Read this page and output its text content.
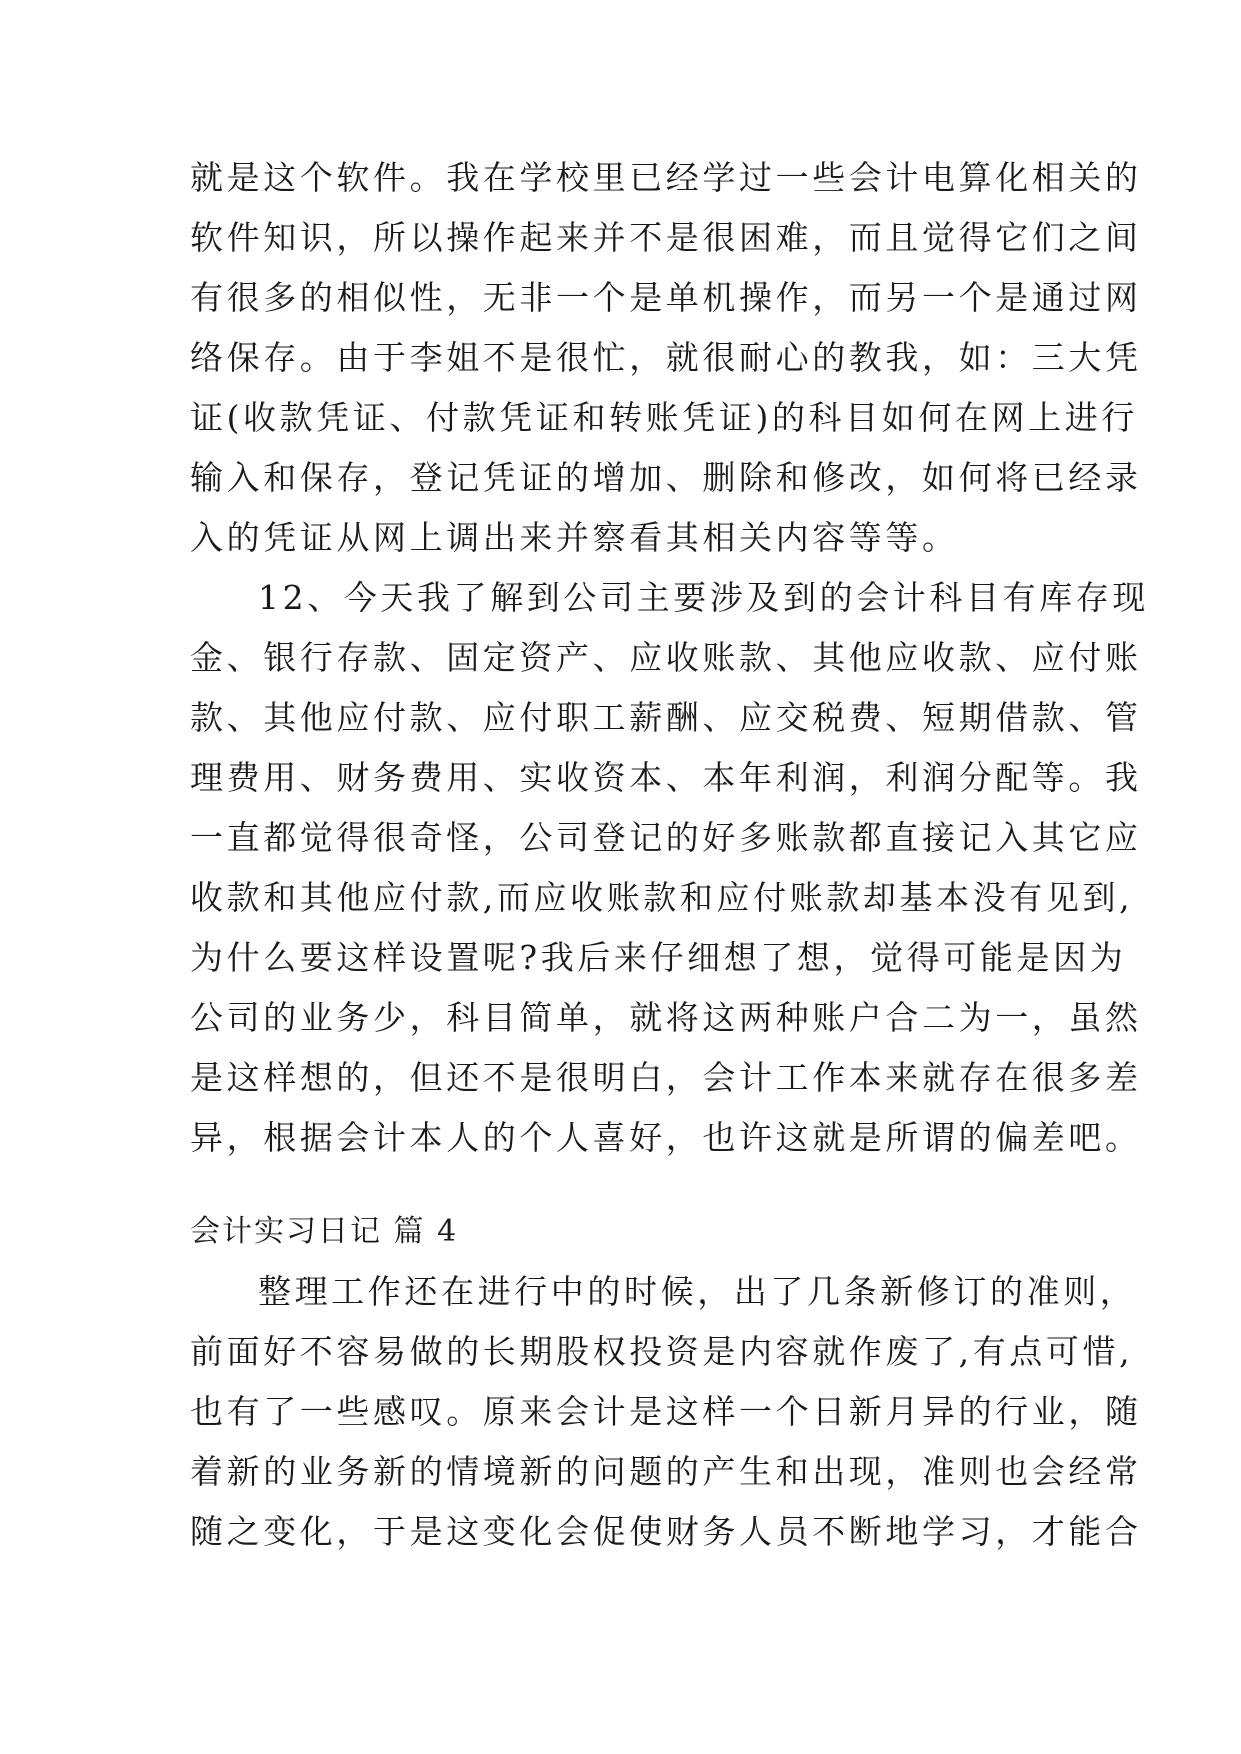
就是这个软件。我在学校里已经学过一些会计电算化相关的
软件知识，所以操作起来并不是很困难，而且觉得它们之间
有很多的相似性，无非一个是单机操作，而另一个是通过网
络保存。由于李姐不是很忙，就很耐心的教我，如：三大凭
证(收款凭证、付款凭证和转账凭证)的科目如何在网上进行
输入和保存，登记凭证的增加、删除和修改，如何将已经录
入的凭证从网上调出来并察看其相关内容等等。
12、今天我了解到公司主要涉及到的会计科目有库存现
金、银行存款、固定资产、应收账款、其他应收款、应付账
款、其他应付款、应付职工薪酬、应交税费、短期借款、管
理费用、财务费用、实收资本、本年利润，利润分配等。我
一直都觉得很奇怪，公司登记的好多账款都直接记入其它应
收款和其他应付款,而应收账款和应付账款却基本没有见到,
为什么要这样设置呢?我后来仔细想了想，觉得可能是因为
公司的业务少，科目简单，就将这两种账户合二为一，虽然
是这样想的，但还不是很明白，会计工作本来就存在很多差
异，根据会计本人的个人喜好，也许这就是所谓的偏差吧。
会计实习日记 篇 4
整理工作还在进行中的时候，出了几条新修订的准则，
前面好不容易做的长期股权投资是内容就作废了,有点可惜,
也有了一些感叹。原来会计是这样一个日新月异的行业，随
着新的业务新的情境新的问题的产生和出现，准则也会经常
随之变化，于是这变化会促使财务人员不断地学习，才能合
